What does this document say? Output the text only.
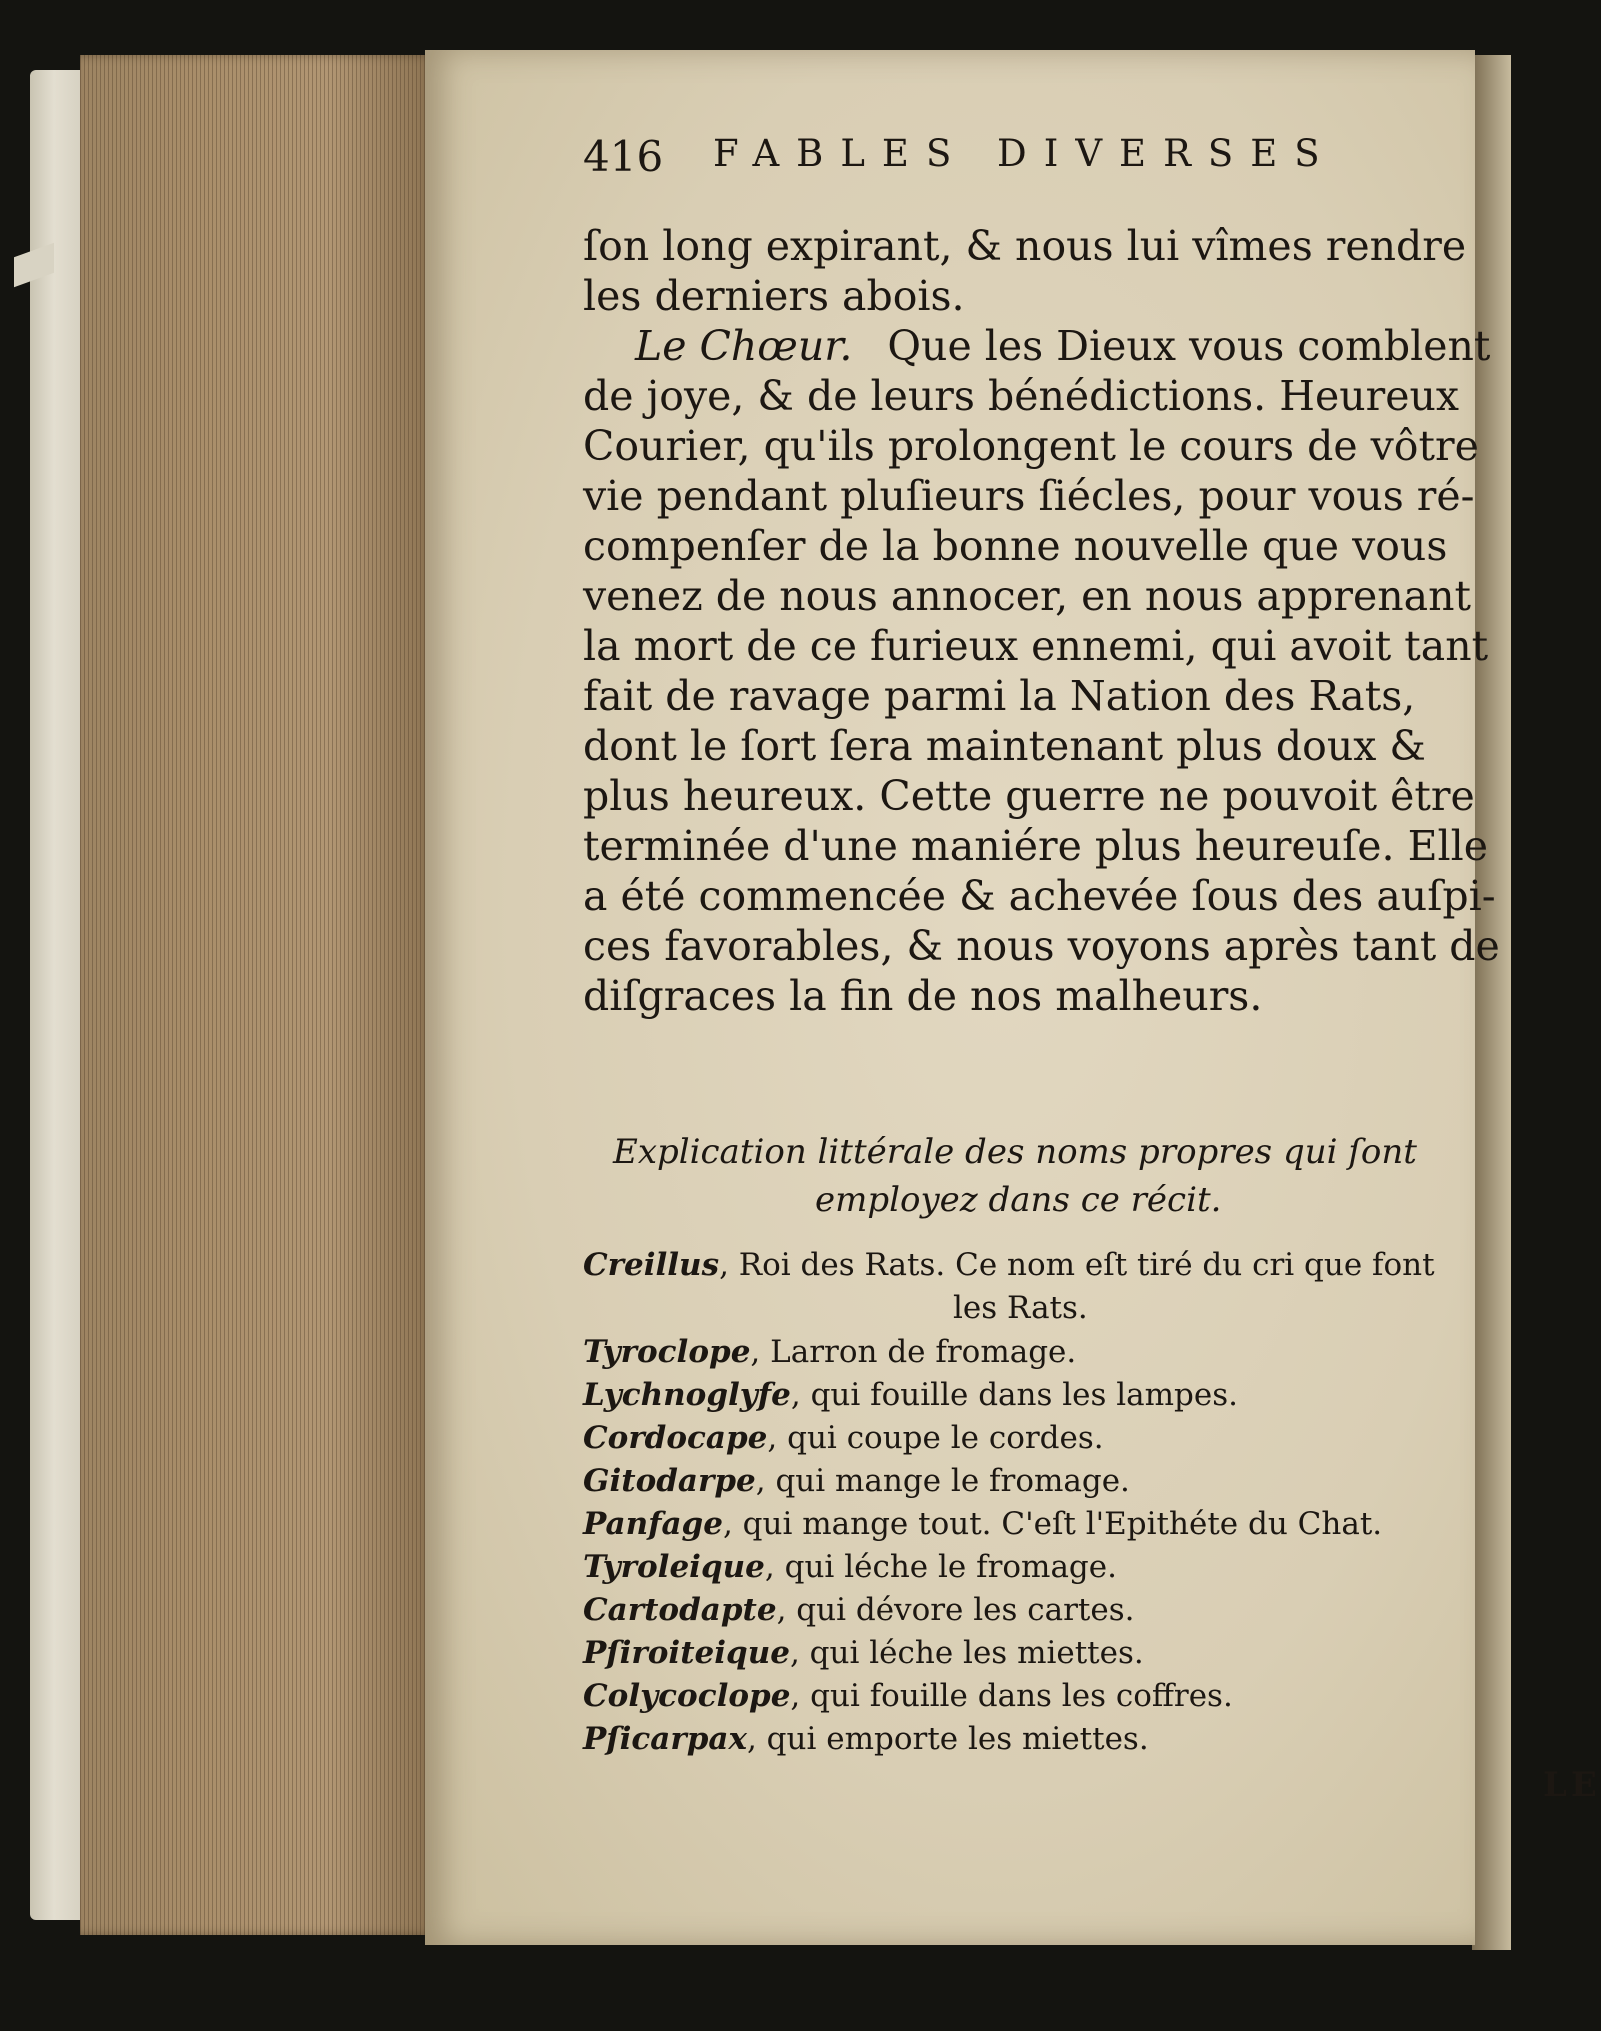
416 FABLES DIVERSES
ſon long expirant, & nous lui vîmes rendre
les derniers abois.
Le Chœur. Que les Dieux vous comblent
de joye, & de leurs bénédictions. Heureux
Courier, qu'ils prolongent le cours de vôtre
vie pendant pluſieurs ſiécles, pour vous ré-
compenſer de la bonne nouvelle que vous
venez de nous annocer, en nous apprenant
la mort de ce furieux ennemi, qui avoit tant
fait de ravage parmi la Nation des Rats,
dont le ſort ſera maintenant plus doux &
plus heureux. Cette guerre ne pouvoit être
terminée d'une maniére plus heureuſe. Elle
a été commencée & achevée ſous des auſpi-
ces favorables, & nous voyons après tant de
diſgraces la fin de nos malheurs.
Explication littérale des noms propres qui ſont
employez dans ce récit.
Creillus, Roi des Rats. Ce nom eſt tiré du cri que font
les Rats.
Tyroclope, Larron de fromage.
Lychnoglyfe, qui fouille dans les lampes.
Cordocape, qui coupe le cordes.
Gitodarpe, qui mange le fromage.
Panfage, qui mange tout. C'eſt l'Epithéte du Chat.
Tyroleique, qui léche le fromage.
Cartodapte, qui dévore les cartes.
Pſiroiteique, qui léche les miettes.
Colycoclope, qui fouille dans les coffres.
Pſicarpax, qui emporte les miettes.
LE
